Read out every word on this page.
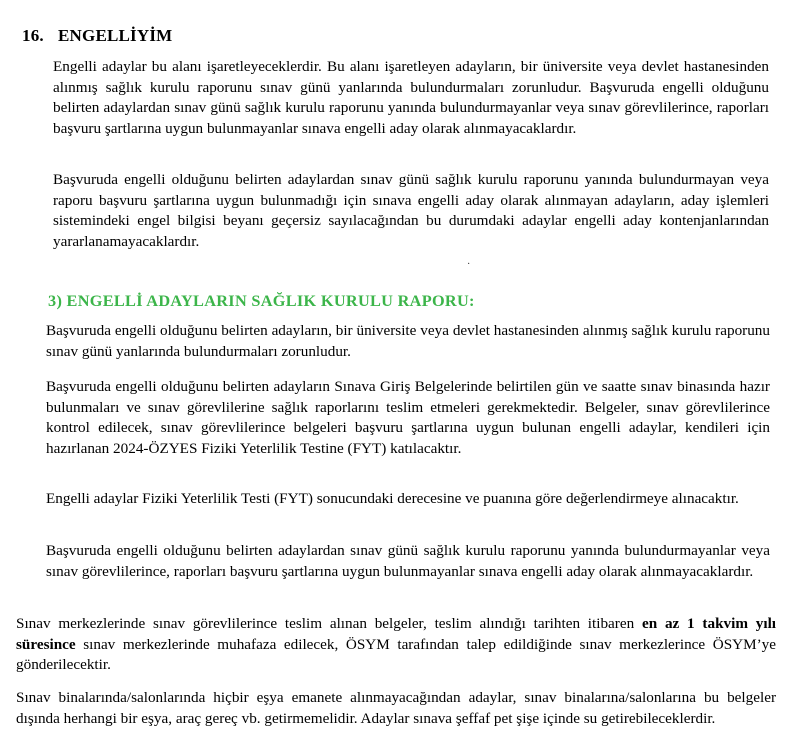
16. ENGELLİYİM
Engelli adaylar bu alanı işaretleyeceklerdir. Bu alanı işaretleyen adayların, bir üniversite veya devlet hastanesinden alınmış sağlık kurulu raporunu sınav günü yanlarında bulundurmaları zorunludur. Başvuruda engelli olduğunu belirten adaylardan sınav günü sağlık kurulu raporunu yanında bulundurmayanlar veya sınav görevlilerince, raporları başvuru şartlarına uygun bulunmayanlar sınava engelli aday olarak alınmayacaklardır.
Başvuruda engelli olduğunu belirten adaylardan sınav günü sağlık kurulu raporunu yanında bulundurmayan veya raporu başvuru şartlarına uygun bulunmadığı için sınava engelli aday olarak alınmayan adayların, aday işlemleri sistemindeki engel bilgisi beyanı geçersiz sayılacağından bu durumdaki adaylar engelli aday kontenjanlarından yararlanamayacaklardır.
·
3) ENGELLİ ADAYLARIN SAĞLIK KURULU RAPORU:
Başvuruda engelli olduğunu belirten adayların, bir üniversite veya devlet hastanesinden alınmış sağlık kurulu raporunu sınav günü yanlarında bulundurmaları zorunludur.
Başvuruda engelli olduğunu belirten adayların Sınava Giriş Belgelerinde belirtilen gün ve saatte sınav binasında hazır bulunmaları ve sınav görevlilerine sağlık raporlarını teslim etmeleri gerekmektedir. Belgeler, sınav görevlilerince kontrol edilecek, sınav görevlilerince belgeleri başvuru şartlarına uygun bulunan engelli adaylar, kendileri için hazırlanan 2024-ÖZYES Fiziki Yeterlilik Testine (FYT) katılacaktır.
Engelli adaylar Fiziki Yeterlilik Testi (FYT) sonucundaki derecesine ve puanına göre değerlendirmeye alınacaktır.
Başvuruda engelli olduğunu belirten adaylardan sınav günü sağlık kurulu raporunu yanında bulundurmayanlar veya sınav görevlilerince, raporları başvuru şartlarına uygun bulunmayanlar sınava engelli aday olarak alınmayacaklardır.
Sınav merkezlerinde sınav görevlilerince teslim alınan belgeler, teslim alındığı tarihten itibaren en az 1 takvim yılı süresince sınav merkezlerinde muhafaza edilecek, ÖSYM tarafından talep edildiğinde sınav merkezlerince ÖSYM’ye gönderilecektir.
Sınav binalarında/salonlarında hiçbir eşya emanete alınmayacağından adaylar, sınav binalarına/salonlarına bu belgeler dışında herhangi bir eşya, araç gereç vb. getirmemelidir. Adaylar sınava şeffaf pet şişe içinde su getirebileceklerdir.
